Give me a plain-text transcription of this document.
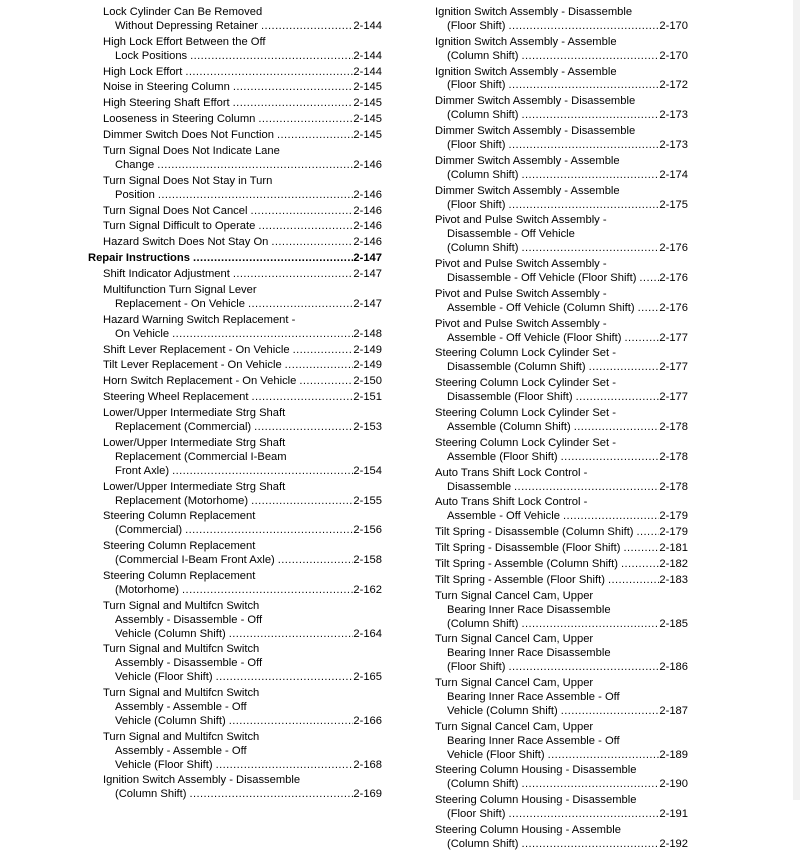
Lock Cylinder Can Be Removed
Without Depressing Retainer .....	2-144
High Lock Effort Between the Off
Lock Positions .....	2-144
High Lock Effort .....	2-144
Noise in Steering Column .....	2-145
High Steering Shaft Effort .....	2-145
Looseness in Steering Column .....	2-145
Dimmer Switch Does Not Function .....	2-145
Turn Signal Does Not Indicate Lane
Change .....	2-146
Turn Signal Does Not Stay in Turn
Position .....	2-146
Turn Signal Does Not Cancel .....	2-146
Turn Signal Difficult to Operate .....	2-146
Hazard Switch Does Not Stay On .....	2-146
Repair Instructions .....	2-147
Shift Indicator Adjustment .....	2-147
Multifunction Turn Signal Lever
Replacement - On Vehicle .....	2-147
Hazard Warning Switch Replacement -
On Vehicle .....	2-148
Shift Lever Replacement - On Vehicle .....	2-149
Tilt Lever Replacement - On Vehicle .....	2-149
Horn Switch Replacement - On Vehicle .....	2-150
Steering Wheel Replacement .....	2-151
Lower/Upper Intermediate Strg Shaft
Replacement (Commercial) .....	2-153
Lower/Upper Intermediate Strg Shaft
Replacement (Commercial I-Beam
Front Axle) .....	2-154
Lower/Upper Intermediate Strg Shaft
Replacement (Motorhome) .....	2-155
Steering Column Replacement
(Commercial) .....	2-156
Steering Column Replacement
(Commercial I-Beam Front Axle) .....	2-158
Steering Column Replacement
(Motorhome) .....	2-162
Turn Signal and Multifcn Switch
Assembly - Disassemble - Off
Vehicle (Column Shift) .....	2-164
Turn Signal and Multifcn Switch
Assembly - Disassemble - Off
Vehicle (Floor Shift) .....	2-165
Turn Signal and Multifcn Switch
Assembly - Assemble - Off
Vehicle (Column Shift) .....	2-166
Turn Signal and Multifcn Switch
Assembly - Assemble - Off
Vehicle (Floor Shift) .....	2-168
Ignition Switch Assembly - Disassemble
(Column Shift) .....	2-169
Ignition Switch Assembly - Disassemble
(Floor Shift) .....	2-170
Ignition Switch Assembly - Assemble
(Column Shift) .....	2-170
Ignition Switch Assembly - Assemble
(Floor Shift) .....	2-172
Dimmer Switch Assembly - Disassemble
(Column Shift) .....	2-173
Dimmer Switch Assembly - Disassemble
(Floor Shift) .....	2-173
Dimmer Switch Assembly - Assemble
(Column Shift) .....	2-174
Dimmer Switch Assembly - Assemble
(Floor Shift) .....	2-175
Pivot and Pulse Switch Assembly -
Disassemble - Off Vehicle
(Column Shift) .....	2-176
Pivot and Pulse Switch Assembly -
Disassemble - Off Vehicle (Floor Shift) ..... 2-176
Pivot and Pulse Switch Assembly -
Assemble - Off Vehicle (Column Shift) ..... 2-176
Pivot and Pulse Switch Assembly -
Assemble - Off Vehicle (Floor Shift) .....	2-177
Steering Column Lock Cylinder Set -
Disassemble (Column Shift) .....	2-177
Steering Column Lock Cylinder Set -
Disassemble (Floor Shift) .....	2-177
Steering Column Lock Cylinder Set -
Assemble (Column Shift) .....	2-178
Steering Column Lock Cylinder Set -
Assemble (Floor Shift) .....	2-178
Auto Trans Shift Lock Control -
Disassemble .....	2-178
Auto Trans Shift Lock Control -
Assemble - Off Vehicle .....	2-179
Tilt Spring - Disassemble (Column Shift) ..... 2-179
Tilt Spring - Disassemble (Floor Shift) .....	2-181
Tilt Spring - Assemble (Column Shift) .....	2-182
Tilt Spring - Assemble (Floor Shift) .....	2-183
Turn Signal Cancel Cam, Upper
Bearing Inner Race Disassemble
(Column Shift) .....	2-185
Turn Signal Cancel Cam, Upper
Bearing Inner Race Disassemble
(Floor Shift) .....	2-186
Turn Signal Cancel Cam, Upper
Bearing Inner Race Assemble - Off
Vehicle (Column Shift) .....	2-187
Turn Signal Cancel Cam, Upper
Bearing Inner Race Assemble - Off
Vehicle (Floor Shift) .....	2-189
Steering Column Housing - Disassemble
(Column Shift) .....	2-190
Steering Column Housing - Disassemble
(Floor Shift) .....	2-191
Steering Column Housing - Assemble
(Column Shift) .....	2-192
